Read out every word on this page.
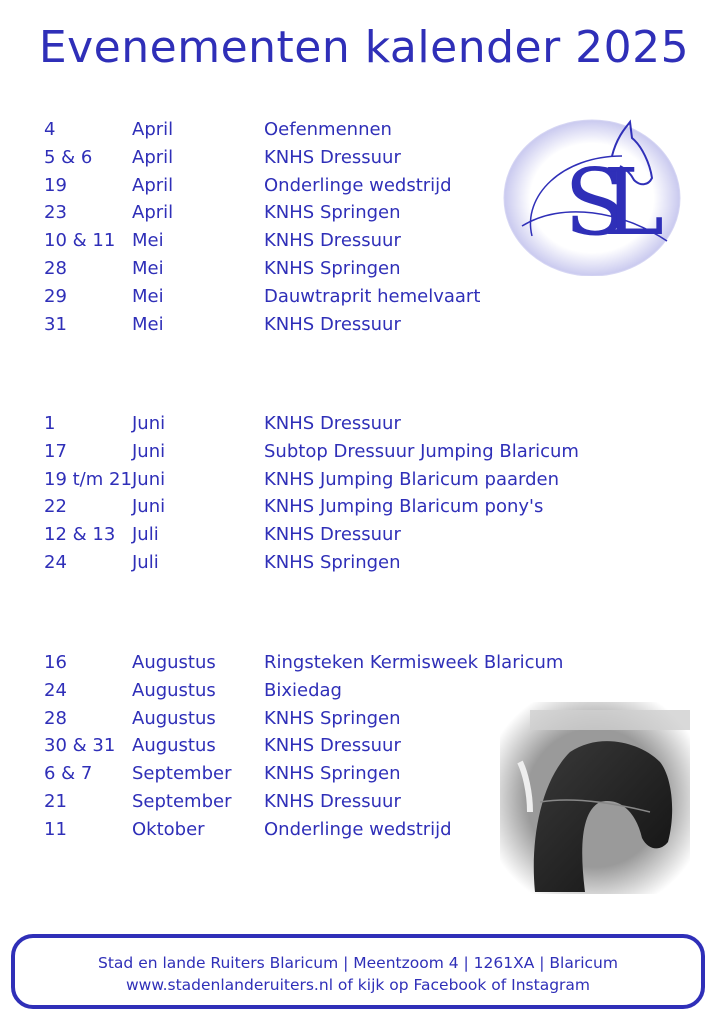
Evenementen kalender 2025
4	April	Oefenmennen
5 & 6 April	KNHS Dressuur
19	April	Onderlinge wedstrijd
23	April	KNHS Springen
10 & 11 Mei	KNHS Dressuur
28	Mei	KNHS Springen
29	Mei	Dauwtraprit hemelvaart
31	Mei	KNHS Dressuur
1	Juni	KNHS Dressuur
17	Juni	Subtop Dressuur Jumping Blaricum
19 t/m 21 Juni	KNHS Jumping Blaricum paarden
22	Juni	KNHS Jumping Blaricum pony's
12 & 13 Juli	KNHS Dressuur
24	Juli	KNHS Springen
16	Augustus	Ringsteken Kermisweek Blaricum
24	Augustus	Bixiedag
28	Augustus	KNHS Springen
30 & 31 Augustus	KNHS Dressuur
6 & 7 September KNHS Springen
21	September KNHS Dressuur
11	Oktober	Onderlinge wedstrijd
SL
Stad en lande Ruiters Blaricum | Meentzoom 4 | 1261XA | Blaricum
www.stadenlanderuiters.nl of kijk op Facebook of Instagram
